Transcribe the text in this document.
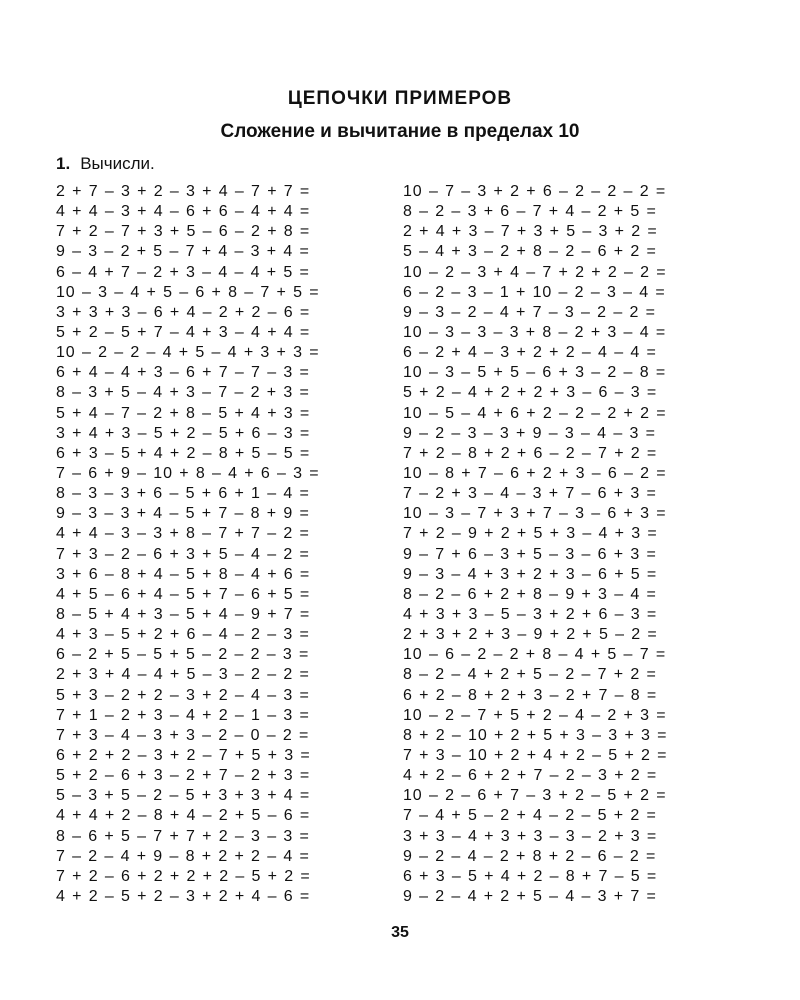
ЦЕПОЧКИ ПРИМЕРОВ
Сложение и вычитание в пределах 10
1. Вычисли.
2 + 7 – 3 + 2 – 3 + 4 – 7 + 7 =
4 + 4 – 3 + 4 – 6 + 6 – 4 + 4 =
7 + 2 – 7 + 3 + 5 – 6 – 2 + 8 =
9 – 3 – 2 + 5 – 7 + 4 – 3 + 4 =
6 – 4 + 7 – 2 + 3 – 4 – 4 + 5 =
10 – 3 – 4 + 5 – 6 + 8 – 7 + 5 =
3 + 3 + 3 – 6 + 4 – 2 + 2 – 6 =
5 + 2 – 5 + 7 – 4 + 3 – 4 + 4 =
10 – 2 – 2 – 4 + 5 – 4 + 3 + 3 =
6 + 4 – 4 + 3 – 6 + 7 – 7 – 3 =
8 – 3 + 5 – 4 + 3 – 7 – 2 + 3 =
5 + 4 – 7 – 2 + 8 – 5 + 4 + 3 =
3 + 4 + 3 – 5 + 2 – 5 + 6 – 3 =
6 + 3 – 5 + 4 + 2 – 8 + 5 – 5 =
7 – 6 + 9 – 10 + 8 – 4 + 6 – 3 =
8 – 3 – 3 + 6 – 5 + 6 + 1 – 4 =
9 – 3 – 3 + 4 – 5 + 7 – 8 + 9 =
4 + 4 – 3 – 3 + 8 – 7 + 7 – 2 =
7 + 3 – 2 – 6 + 3 + 5 – 4 – 2 =
3 + 6 – 8 + 4 – 5 + 8 – 4 + 6 =
4 + 5 – 6 + 4 – 5 + 7 – 6 + 5 =
8 – 5 + 4 + 3 – 5 + 4 – 9 + 7 =
4 + 3 – 5 + 2 + 6 – 4 – 2 – 3 =
6 – 2 + 5 – 5 + 5 – 2 – 2 – 3 =
2 + 3 + 4 – 4 + 5 – 3 – 2 – 2 =
5 + 3 – 2 + 2 – 3 + 2 – 4 – 3 =
7 + 1 – 2 + 3 – 4 + 2 – 1 – 3 =
7 + 3 – 4 – 3 + 3 – 2 – 0 – 2 =
6 + 2 + 2 – 3 + 2 – 7 + 5 + 3 =
5 + 2 – 6 + 3 – 2 + 7 – 2 + 3 =
5 – 3 + 5 – 2 – 5 + 3 + 3 + 4 =
4 + 4 + 2 – 8 + 4 – 2 + 5 – 6 =
8 – 6 + 5 – 7 + 7 + 2 – 3 – 3 =
7 – 2 – 4 + 9 – 8 + 2 + 2 – 4 =
7 + 2 – 6 + 2 + 2 + 2 – 5 + 2 =
4 + 2 – 5 + 2 – 3 + 2 + 4 – 6 =
10 – 7 – 3 + 2 + 6 – 2 – 2 – 2 =
8 – 2 – 3 + 6 – 7 + 4 – 2 + 5 =
2 + 4 + 3 – 7 + 3 + 5 – 3 + 2 =
5 – 4 + 3 – 2 + 8 – 2 – 6 + 2 =
10 – 2 – 3 + 4 – 7 + 2 + 2 – 2 =
6 – 2 – 3 – 1 + 10 – 2 – 3 – 4 =
9 – 3 – 2 – 4 + 7 – 3 – 2 – 2 =
10 – 3 – 3 – 3 + 8 – 2 + 3 – 4 =
6 – 2 + 4 – 3 + 2 + 2 – 4 – 4 =
10 – 3 – 5 + 5 – 6 + 3 – 2 – 8 =
5 + 2 – 4 + 2 + 2 + 3 – 6 – 3 =
10 – 5 – 4 + 6 + 2 – 2 – 2 + 2 =
9 – 2 – 3 – 3 + 9 – 3 – 4 – 3 =
7 + 2 – 8 + 2 + 6 – 2 – 7 + 2 =
10 – 8 + 7 – 6 + 2 + 3 – 6 – 2 =
7 – 2 + 3 – 4 – 3 + 7 – 6 + 3 =
10 – 3 – 7 + 3 + 7 – 3 – 6 + 3 =
7 + 2 – 9 + 2 + 5 + 3 – 4 + 3 =
9 – 7 + 6 – 3 + 5 – 3 – 6 + 3 =
9 – 3 – 4 + 3 + 2 + 3 – 6 + 5 =
8 – 2 – 6 + 2 + 8 – 9 + 3 – 4 =
4 + 3 + 3 – 5 – 3 + 2 + 6 – 3 =
2 + 3 + 2 + 3 – 9 + 2 + 5 – 2 =
10 – 6 – 2 – 2 + 8 – 4 + 5 – 7 =
8 – 2 – 4 + 2 + 5 – 2 – 7 + 2 =
6 + 2 – 8 + 2 + 3 – 2 + 7 – 8 =
10 – 2 – 7 + 5 + 2 – 4 – 2 + 3 =
8 + 2 – 10 + 2 + 5 + 3 – 3 + 3 =
7 + 3 – 10 + 2 + 4 + 2 – 5 + 2 =
4 + 2 – 6 + 2 + 7 – 2 – 3 + 2 =
10 – 2 – 6 + 7 – 3 + 2 – 5 + 2 =
7 – 4 + 5 – 2 + 4 – 2 – 5 + 2 =
3 + 3 – 4 + 3 + 3 – 3 – 2 + 3 =
9 – 2 – 4 – 2 + 8 + 2 – 6 – 2 =
6 + 3 – 5 + 4 + 2 – 8 + 7 – 5 =
9 – 2 – 4 + 2 + 5 – 4 – 3 + 7 =
35
